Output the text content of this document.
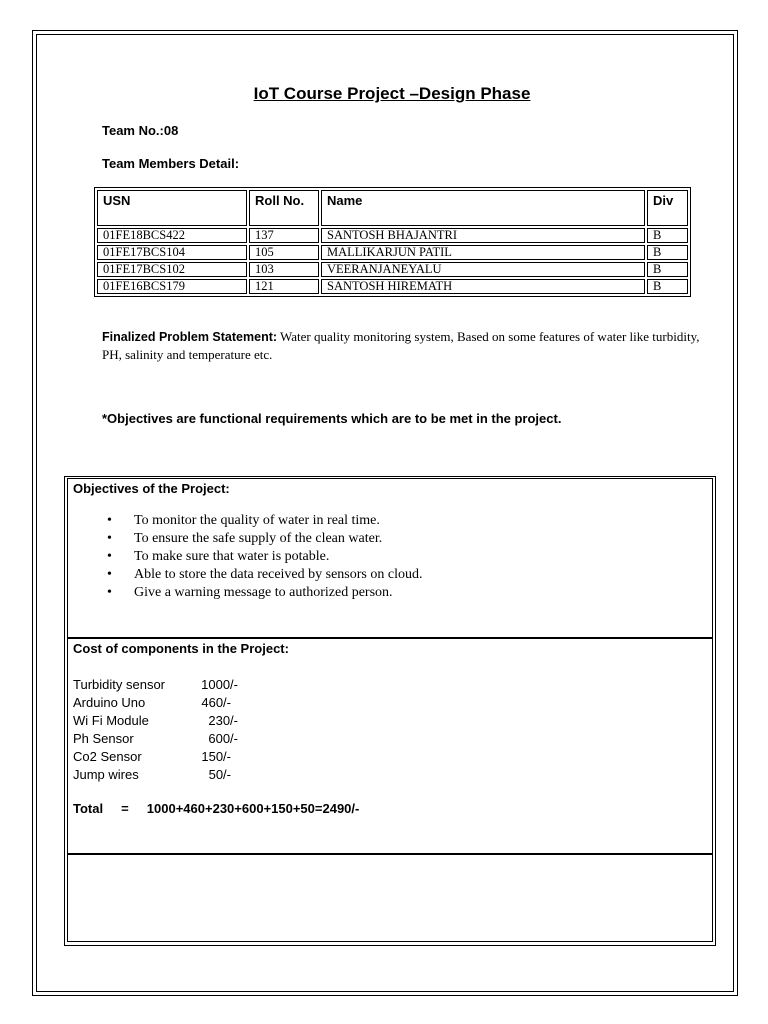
IoT Course Project –Design Phase
Team No.:08
Team Members Detail:
USN	Roll No.	Name	Div
01FE18BCS422	137	SANTOSH BHAJANTRI	B
01FE17BCS104	105	MALLIKARJUN PATIL	B
01FE17BCS102	103	VEERANJANEYALU	B
01FE16BCS179	121	SANTOSH HIREMATH	B
Finalized Problem Statement: Water quality monitoring system, Based on some features of water like turbidity, PH, salinity and temperature etc.
*Objectives are functional requirements which are to be met in the project.
Objectives of the Project:
• To monitor the quality of water in real time.
• To ensure the safe supply of the clean water.
• To make sure that water is potable.
• Able to store the data received by sensors on cloud.
• Give a warning message to authorized person.
Cost of components in the Project:
Turbidity sensor	1000/-
Arduino Uno	460/-
Wi Fi Module	230/-
Ph Sensor	600/-
Co2 Sensor	150/-
Jump wires	50/-
Total     =     1000+460+230+600+150+50=2490/-
